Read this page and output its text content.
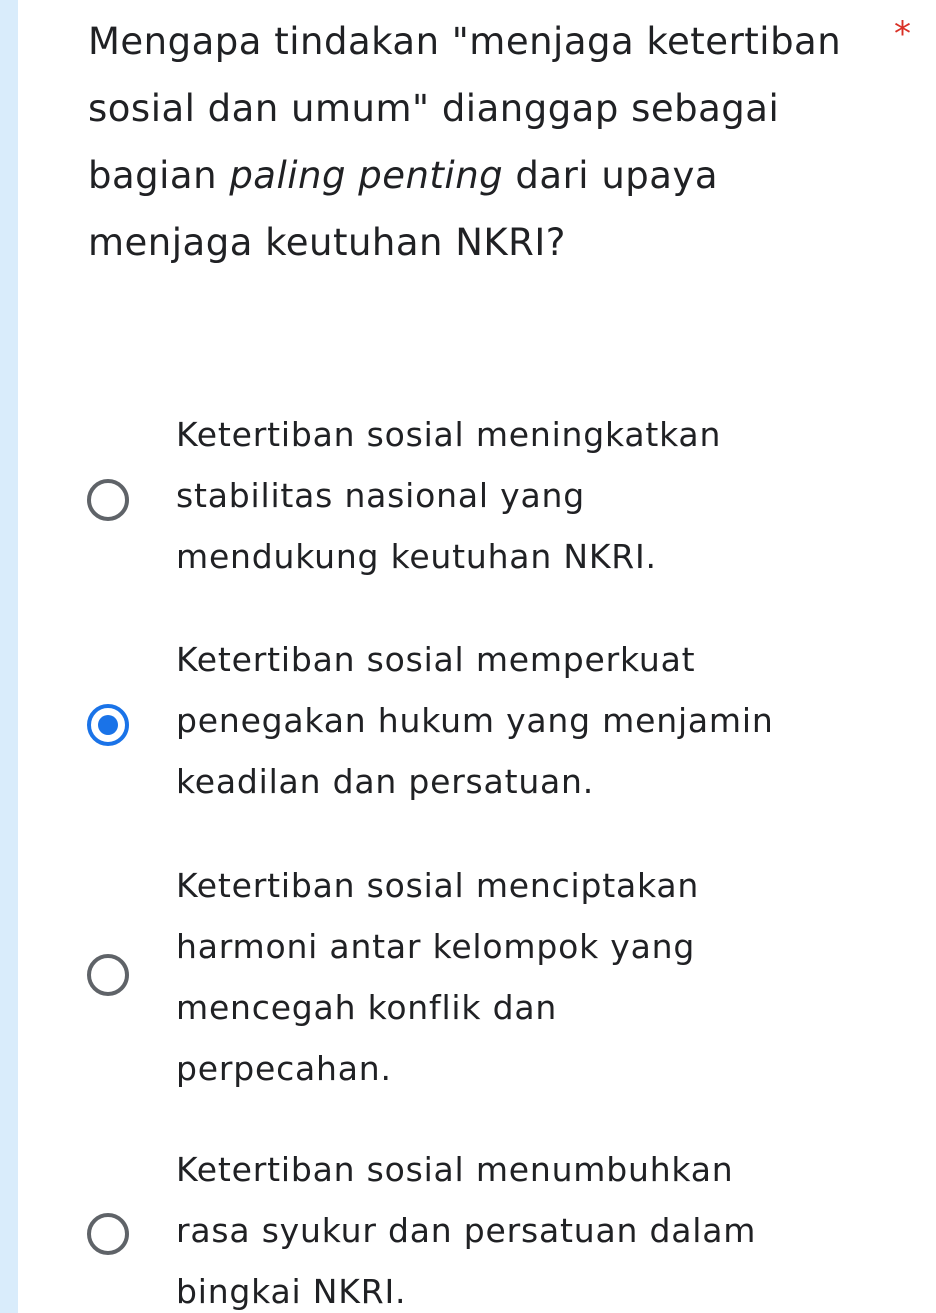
Mengapa tindakan "menjaga ketertiban sosial dan umum" dianggap sebagai bagian paling penting dari upaya menjaga keutuhan NKRI?
*
Ketertiban sosial meningkatkan
stabilitas nasional yang
mendukung keutuhan NKRI.
Ketertiban sosial memperkuat
penegakan hukum yang menjamin
keadilan dan persatuan.
Ketertiban sosial menciptakan
harmoni antar kelompok yang
mencegah konflik dan
perpecahan.
Ketertiban sosial menumbuhkan
rasa syukur dan persatuan dalam
bingkai NKRI.
